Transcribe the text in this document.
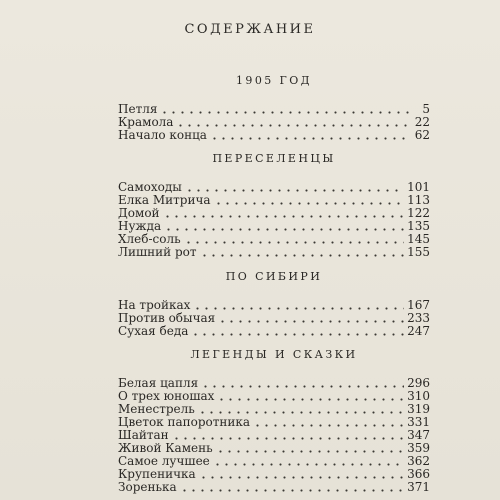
СОДЕРЖАНИЕ
1905 ГОД
Петля	5
Крамола	22
Начало конца	62
ПЕРЕСЕЛЕНЦЫ
Самоходы	101
Елка Митрича	113
Домой	122
Нужда	135
Хлеб-соль	145
Лишний рот	155
ПО СИБИРИ
На тройках	167
Против обычая	233
Сухая беда	247
ЛЕГЕНДЫ И СКАЗКИ
Белая цапля	296
О трех юношах	310
Менестрель	319
Цветок папоротника	331
Шайтан	347
Живой Камень	359
Самое лучшее	362
Крупеничка	366
Зоренька	371
